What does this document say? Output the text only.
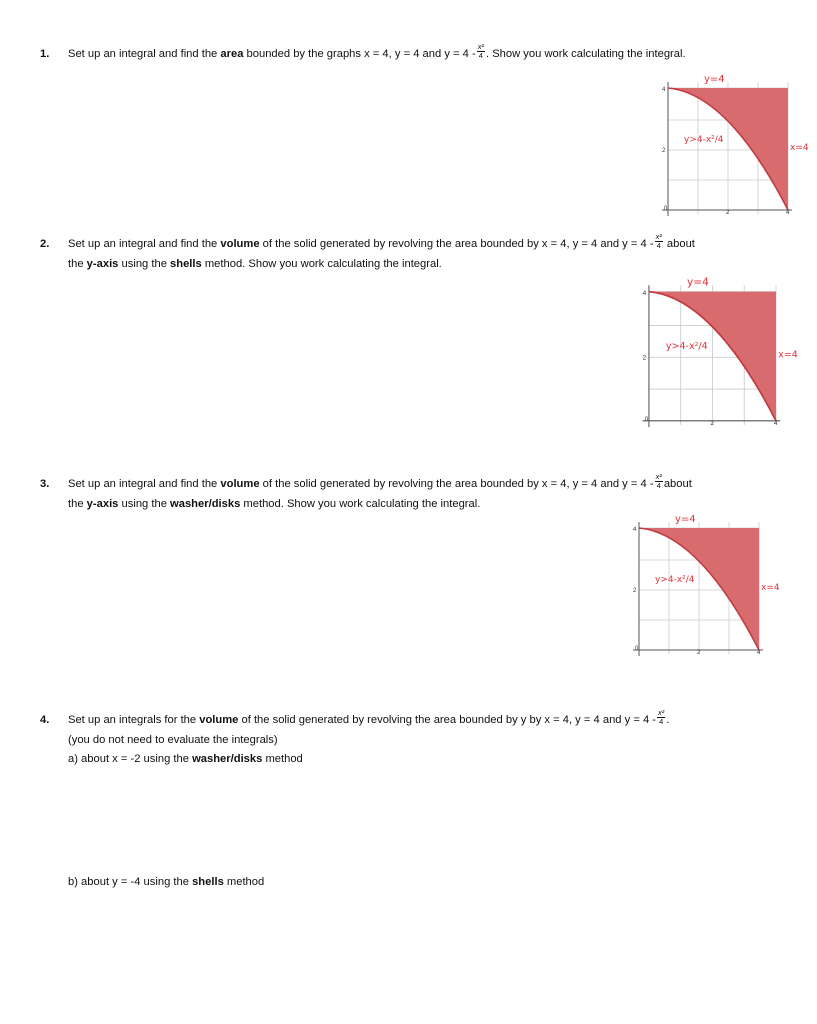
1. Set up an integral and find the area bounded by the graphs x = 4, y = 4 and $y = 4 - \frac{\text{x²}}{4}$ . Show you work calculating the integral.
2. Set up an integral and find the volume of the solid generated by revolving the area bounded by x = 4, y = 4 and $y = 4 - \frac{\text{x²}}{4}$ about
the y-axis using the shells method. Show you work calculating the integral.
3. Set up an integral and find the volume of the solid generated by revolving the area bounded by x = 4, y = 4 and $y = 4 - \frac{\text{x²}}{4}$ about
the y-axis using the washer/disks method. Show you work calculating the integral.
4. Set up an integrals for the volume of the solid generated by revolving the area bounded by y by x = 4, y = 4 and $y = 4 - \frac{\text{x²}}{4}$ .
(you do not need to evaluate the integrals)
a) about x = -2 using the washer/disks method
b) about y = -4 using the shells method
4
2
0
2	4
y=4
y>4-x²/4
x=4
4
2
0
2	4
y=4
y>4-x²/4
x=4
4
2
0
2	4
y=4
y>4-x²/4
x=4
